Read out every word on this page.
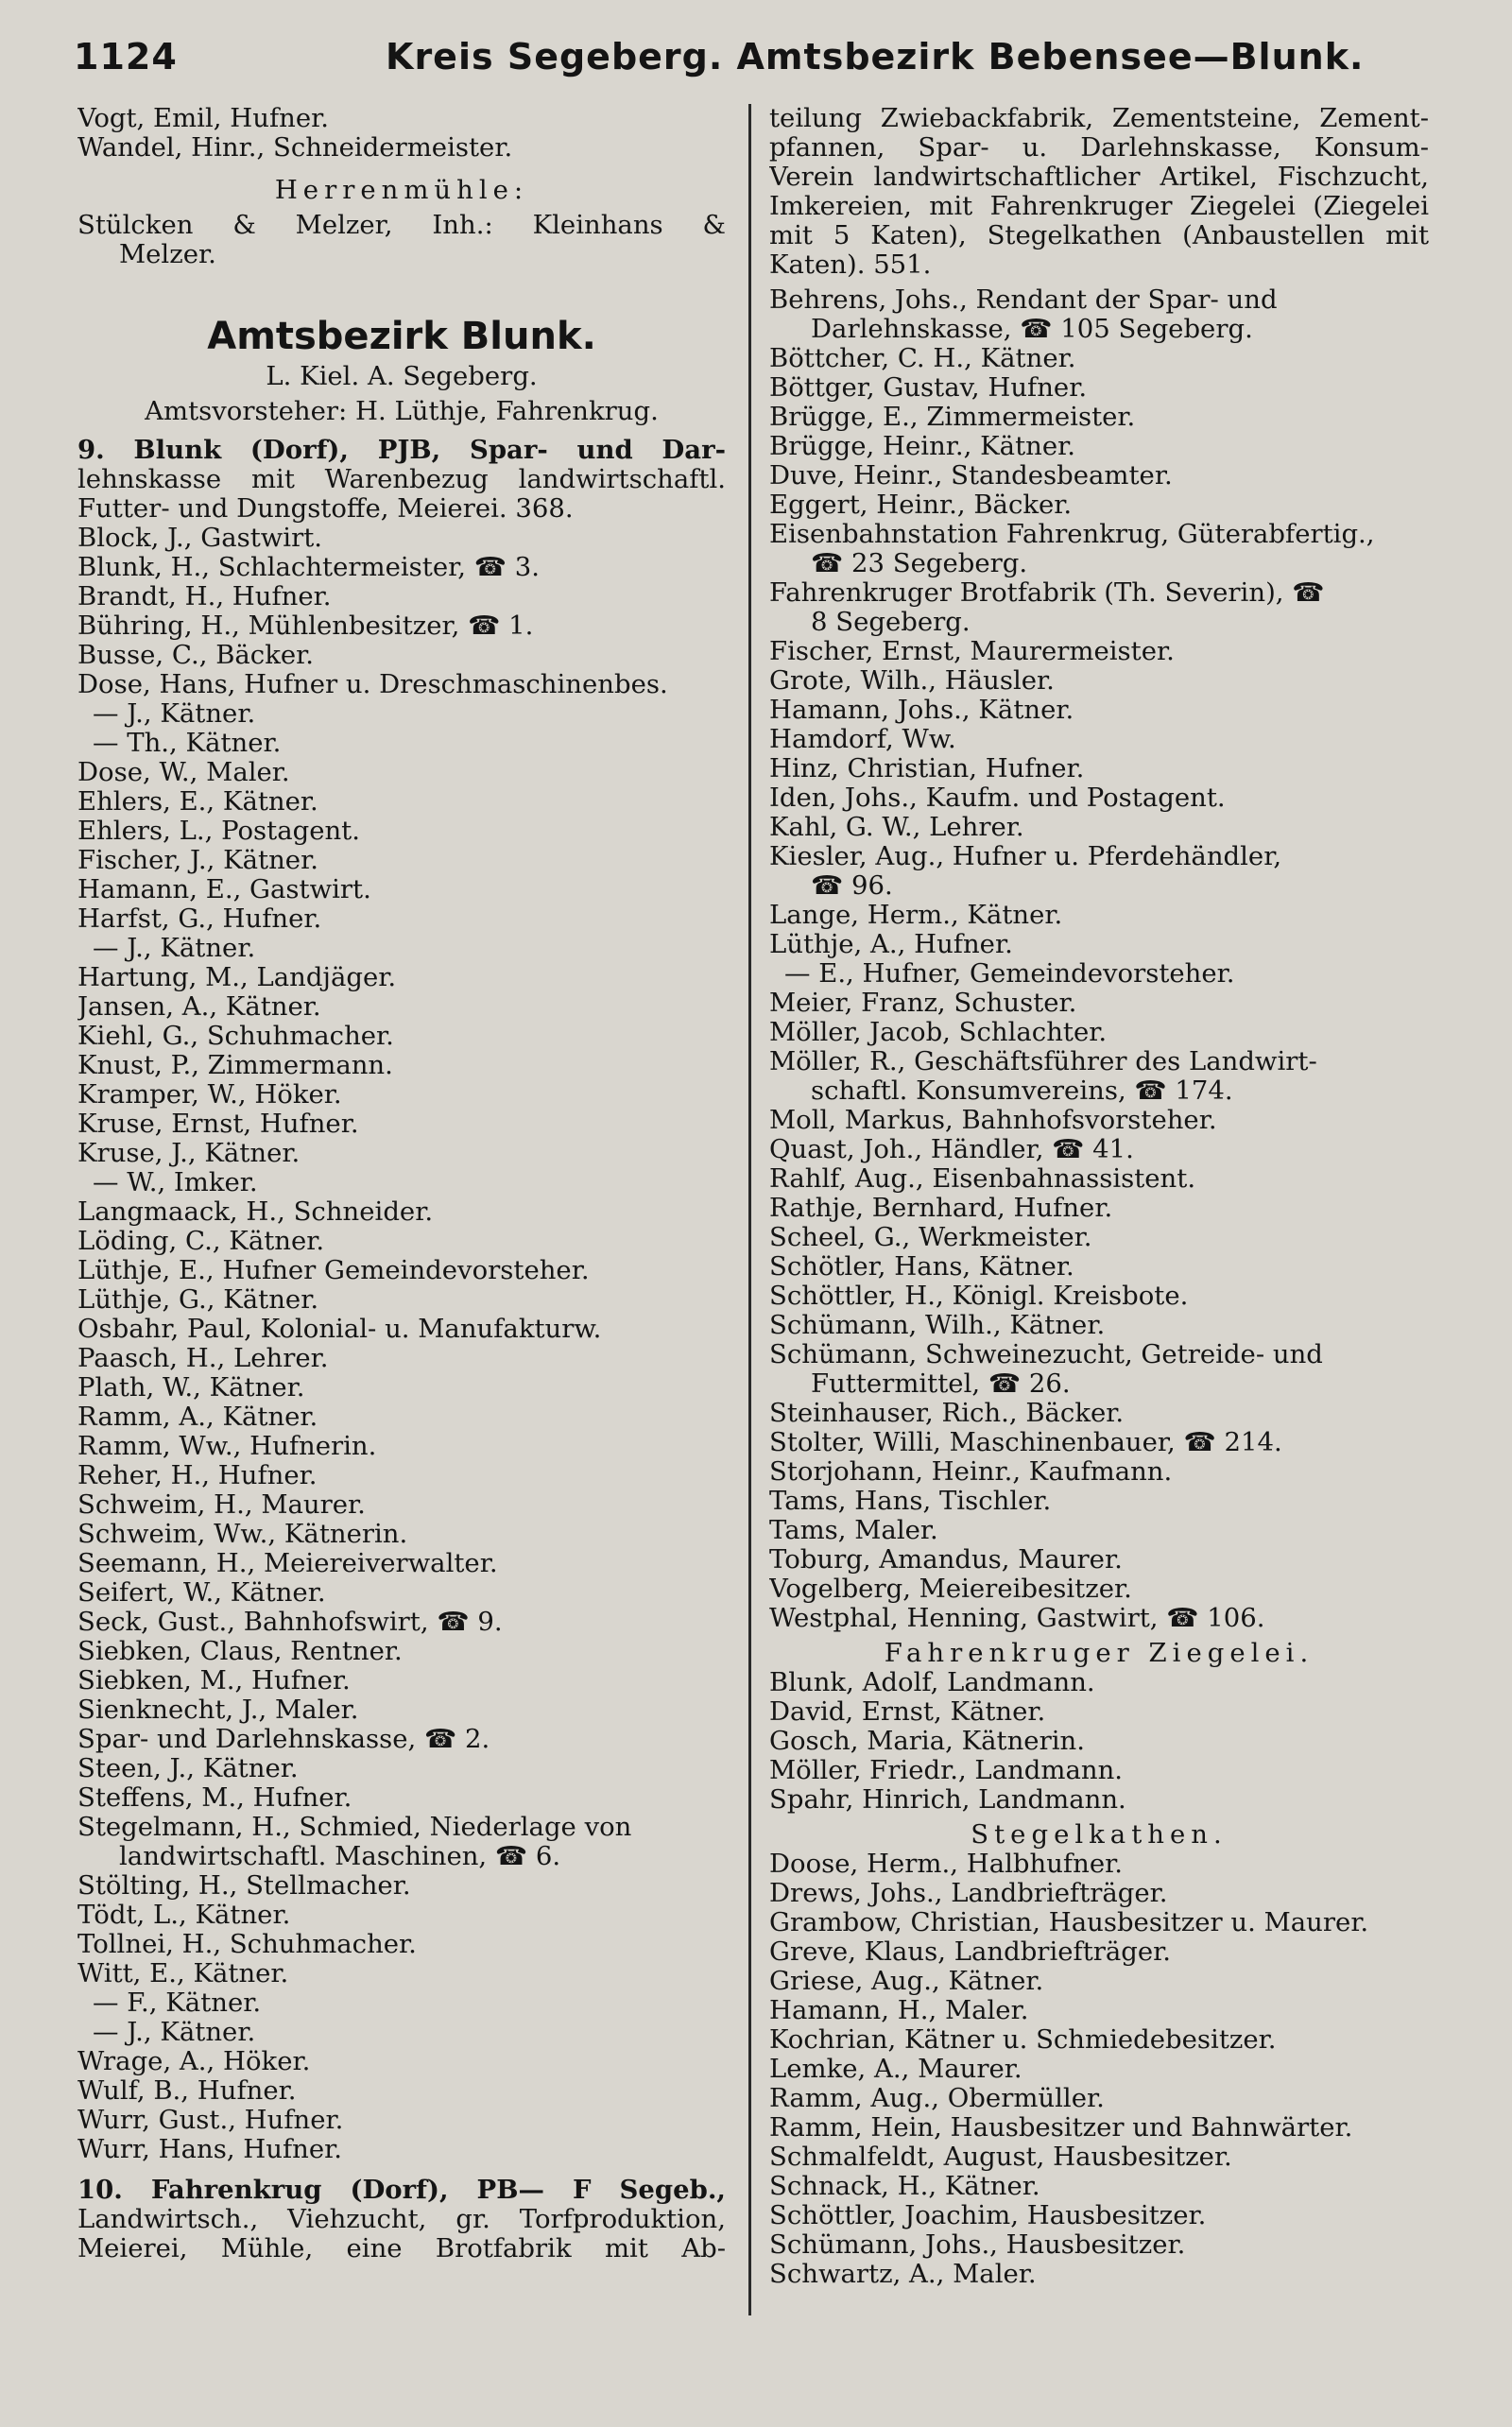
1124	Kreis Segeberg. Amtsbezirk Bebensee—Blunk.
Vogt, Emil, Hufner.
Wandel, Hinr., Schneidermeister.
Herrenmühle:
Stülcken & Melzer, Inh.: Kleinhans &
Melzer.
Amtsbezirk Blunk.
L. Kiel. A. Segeberg.
Amtsvorsteher: H. Lüthje, Fahrenkrug.
9. Blunk (Dorf), PJB, Spar- und Dar-
lehnskasse mit Warenbezug landwirtschaftl.
Futter- und Dungstoffe, Meierei. 368.
Block, J., Gastwirt.
Blunk, H., Schlachtermeister, ☎ 3.
Brandt, H., Hufner.
Bühring, H., Mühlenbesitzer, ☎ 1.
Busse, C., Bäcker.
Dose, Hans, Hufner u. Dreschmaschinenbes.
— J., Kätner.
— Th., Kätner.
Dose, W., Maler.
Ehlers, E., Kätner.
Ehlers, L., Postagent.
Fischer, J., Kätner.
Hamann, E., Gastwirt.
Harfst, G., Hufner.
— J., Kätner.
Hartung, M., Landjäger.
Jansen, A., Kätner.
Kiehl, G., Schuhmacher.
Knust, P., Zimmermann.
Kramper, W., Höker.
Kruse, Ernst, Hufner.
Kruse, J., Kätner.
— W., Imker.
Langmaack, H., Schneider.
Löding, C., Kätner.
Lüthje, E., Hufner Gemeindevorsteher.
Lüthje, G., Kätner.
Osbahr, Paul, Kolonial- u. Manufakturw.
Paasch, H., Lehrer.
Plath, W., Kätner.
Ramm, A., Kätner.
Ramm, Ww., Hufnerin.
Reher, H., Hufner.
Schweim, H., Maurer.
Schweim, Ww., Kätnerin.
Seemann, H., Meiereiverwalter.
Seifert, W., Kätner.
Seck, Gust., Bahnhofswirt, ☎ 9.
Siebken, Claus, Rentner.
Siebken, M., Hufner.
Sienknecht, J., Maler.
Spar- und Darlehnskasse, ☎ 2.
Steen, J., Kätner.
Steffens, M., Hufner.
Stegelmann, H., Schmied, Niederlage von
landwirtschaftl. Maschinen, ☎ 6.
Stölting, H., Stellmacher.
Tödt, L., Kätner.
Tollnei, H., Schuhmacher.
Witt, E., Kätner.
— F., Kätner.
— J., Kätner.
Wrage, A., Höker.
Wulf, B., Hufner.
Wurr, Gust., Hufner.
Wurr, Hans, Hufner.
10. Fahrenkrug (Dorf), PB— F Segeb.,
Landwirtsch., Viehzucht, gr. Torfproduktion,
Meierei, Mühle, eine Brotfabrik mit Ab-
teilung Zwiebackfabrik, Zementsteine, Zement-
pfannen, Spar- u. Darlehnskasse, Konsum-
Verein landwirtschaftlicher Artikel, Fischzucht,
Imkereien, mit Fahrenkruger Ziegelei (Ziegelei
mit 5 Katen), Stegelkathen (Anbaustellen mit
Katen). 551.
Behrens, Johs., Rendant der Spar- und
Darlehnskasse, ☎ 105 Segeberg.
Böttcher, C. H., Kätner.
Böttger, Gustav, Hufner.
Brügge, E., Zimmermeister.
Brügge, Heinr., Kätner.
Duve, Heinr., Standesbeamter.
Eggert, Heinr., Bäcker.
Eisenbahnstation Fahrenkrug, Güterabfertig.,
☎ 23 Segeberg.
Fahrenkruger Brotfabrik (Th. Severin), ☎
8 Segeberg.
Fischer, Ernst, Maurermeister.
Grote, Wilh., Häusler.
Hamann, Johs., Kätner.
Hamdorf, Ww.
Hinz, Christian, Hufner.
Iden, Johs., Kaufm. und Postagent.
Kahl, G. W., Lehrer.
Kiesler, Aug., Hufner u. Pferdehändler,
☎ 96.
Lange, Herm., Kätner.
Lüthje, A., Hufner.
— E., Hufner, Gemeindevorsteher.
Meier, Franz, Schuster.
Möller, Jacob, Schlachter.
Möller, R., Geschäftsführer des Landwirt-
schaftl. Konsumvereins, ☎ 174.
Moll, Markus, Bahnhofsvorsteher.
Quast, Joh., Händler, ☎ 41.
Rahlf, Aug., Eisenbahnassistent.
Rathje, Bernhard, Hufner.
Scheel, G., Werkmeister.
Schötler, Hans, Kätner.
Schöttler, H., Königl. Kreisbote.
Schümann, Wilh., Kätner.
Schümann, Schweinezucht, Getreide- und
Futtermittel, ☎ 26.
Steinhauser, Rich., Bäcker.
Stolter, Willi, Maschinenbauer, ☎ 214.
Storjohann, Heinr., Kaufmann.
Tams, Hans, Tischler.
Tams, Maler.
Toburg, Amandus, Maurer.
Vogelberg, Meiereibesitzer.
Westphal, Henning, Gastwirt, ☎ 106.
Fahrenkruger Ziegelei.
Blunk, Adolf, Landmann.
David, Ernst, Kätner.
Gosch, Maria, Kätnerin.
Möller, Friedr., Landmann.
Spahr, Hinrich, Landmann.
Stegelkathen.
Doose, Herm., Halbhufner.
Drews, Johs., Landbriefträger.
Grambow, Christian, Hausbesitzer u. Maurer.
Greve, Klaus, Landbriefträger.
Griese, Aug., Kätner.
Hamann, H., Maler.
Kochrian, Kätner u. Schmiedebesitzer.
Lemke, A., Maurer.
Ramm, Aug., Obermüller.
Ramm, Hein, Hausbesitzer und Bahnwärter.
Schmalfeldt, August, Hausbesitzer.
Schnack, H., Kätner.
Schöttler, Joachim, Hausbesitzer.
Schümann, Johs., Hausbesitzer.
Schwartz, A., Maler.
